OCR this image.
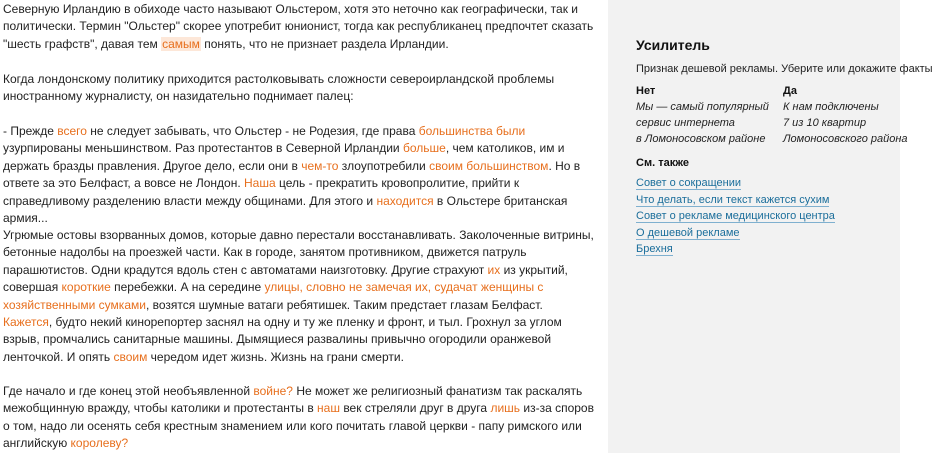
Северную Ирландию в обиходе часто называют Ольстером, хотя это неточно как географически, так и политически. Термин "Ольстер" скорее употребит юнионист, тогда как республиканец предпочтет сказать "шесть графств", давая тем самым понять, что не признает раздела Ирландии.

Когда лондонскому политику приходится растолковывать сложности североирландской проблемы иностранному журналисту, он назидательно поднимает палец:

- Прежде всего не следует забывать, что Ольстер - не Родезия, где права большинства были узурпированы меньшинством. Раз протестантов в Северной Ирландии больше, чем католиков, им и держать бразды правления. Другое дело, если они в чем-то злоупотребили своим большинством. Но в ответе за это Белфаст, а вовсе не Лондон. Наша цель - прекратить кровопролитие, прийти к справедливому разделению власти между общинами. Для этого и находится в Ольстере британская армия...

Угрюмые остовы взорванных домов, которые давно перестали восстанавливать. Заколоченные витрины, бетонные надолбы на проезжей части. Как в городе, занятом противником, движется патруль парашютистов. Одни крадутся вдоль стен с автоматами наизготовку. Другие страхуют их из укрытий, совершая короткие перебежки. А на середине улицы, словно не замечая их, судачат женщины с хозяйственными сумками, возятся шумные ватаги ребятишек. Таким предстает глазам Белфаст. Кажется, будто некий кинорепортер заснял на одну и ту же пленку и фронт, и тыл. Грохнул за углом взрыв, промчались санитарные машины. Дымящиеся развалины привычно огородили оранжевой ленточкой. И опять своим чередом идет жизнь. Жизнь на грани смерти.

Где начало и где конец этой необъявленной войне? Не может же религиозный фанатизм так раскалять межобщинную вражду, чтобы католики и протестанты в наш век стреляли друг в друга лишь из-за споров о том, надо ли осенять себя крестным знамением или кого почитать главой церкви - папу римского или английскую королеву?

Усилитель

Признак дешевой рекламы. Уберите или докажите факты

Нет	Да
Мы — самый популярный
сервис интернета
в Ломоносовском районе
К нам подключены
7 из 10 квартир
Ломоносовского района
См. также
Совет о сокращении
Что делать, если текст кажется сухим
Совет о рекламе медицинского центра
О дешевой рекламе
Брехня
